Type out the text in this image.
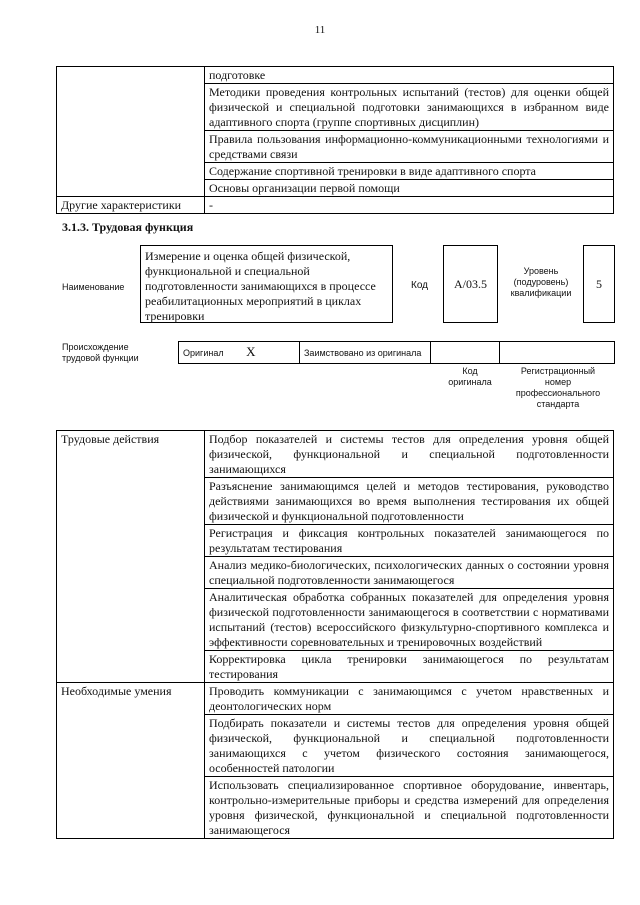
11
	подготовке
	Методики проведения контрольных испытаний (тестов) для оценки общей физической и специальной подготовки занимающихся в избранном виде адаптивного спорта (группе спортивных дисциплин)
	Правила пользования информационно-коммуникационными технологиями и средствами связи
	Содержание спортивной тренировки в виде адаптивного спорта
	Основы организации первой помощи
Другие характеристики	-
3.1.3. Трудовая функция
Наименование
Измерение и оценка общей физической, функциональной и специальной подготовленности занимающихся в процессе реабилитационных мероприятий в циклах тренировки
Код A/03.5
Уровень (подуровень) квалификации
5
Происхождение трудовой функции	Оригинал X	Заимствовано из оригинала		
Код оригинала
Регистрационный номер профессионального стандарта
Трудовые действия	Подбор показателей и системы тестов для определения уровня общей физической, функциональной и специальной подготовленности занимающихся
	Разъяснение занимающимся целей и методов тестирования, руководство действиями занимающихся во время выполнения тестирования их общей физической и функциональной подготовленности
	Регистрация и фиксация контрольных показателей занимающегося по результатам тестирования
	Анализ медико-биологических, психологических данных о состоянии уровня специальной подготовленности занимающегося
	Аналитическая обработка собранных показателей для определения уровня физической подготовленности занимающегося в соответствии с нормативами испытаний (тестов) всероссийского физкультурно-спортивного комплекса и эффективности соревновательных и тренировочных воздействий
	Корректировка цикла тренировки занимающегося по результатам тестирования
Необходимые умения	Проводить коммуникации с занимающимся с учетом нравственных и деонтологических норм
	Подбирать показатели и системы тестов для определения уровня общей физической, функциональной и специальной подготовленности занимающихся с учетом физического состояния занимающегося, особенностей патологии
	Использовать специализированное спортивное оборудование, инвентарь, контрольно-измерительные приборы и средства измерений для определения уровня физической, функциональной и специальной подготовленности занимающегося
